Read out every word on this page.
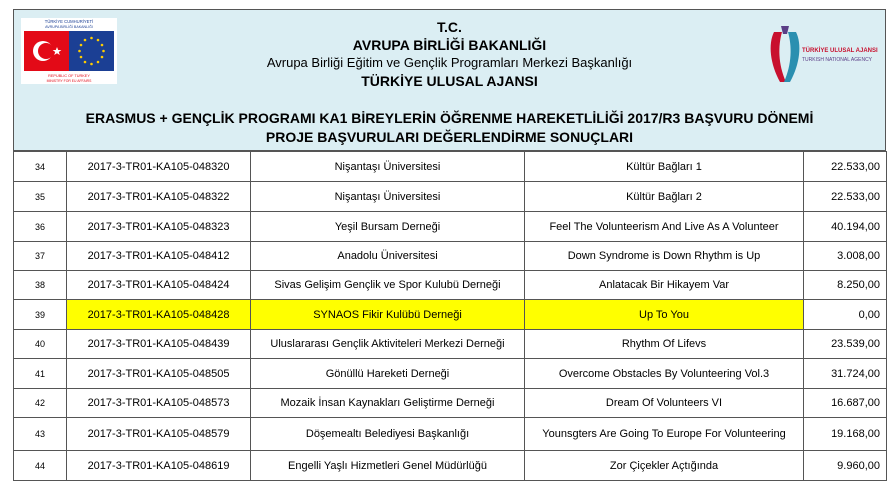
TÜRKİYE CUMHURİYETİ
AVRUPA BİRLİĞİ BAKANLIĞI
REPUBLIC OF TURKEY
MINISTRY FOR EU AFFAIRS
T.C.
AVRUPA BİRLİĞİ BAKANLIĞI
Avrupa Birliği Eğitim ve Gençlik Programları Merkezi Başkanlığı
TÜRKİYE ULUSAL AJANSI
TÜRKİYE ULUSAL AJANSI
TURKISH NATIONAL AGENCY
ERASMUS + GENÇLİK PROGRAMI KA1 BİREYLERİN ÖĞRENME HAREKETLİLİĞİ 2017/R3 BAŞVURU DÖNEMİ
PROJE BAŞVURULARI DEĞERLENDİRME SONUÇLARI
34	2017-3-TR01-KA105-048320	Nişantaşı Üniversitesi	Kültür Bağları 1	22.533,00
35	2017-3-TR01-KA105-048322	Nişantaşı Üniversitesi	Kültür Bağları 2	22.533,00
36	2017-3-TR01-KA105-048323	Yeşil Bursam Derneği	Feel The Volunteerism And Live As A Volunteer	40.194,00
37	2017-3-TR01-KA105-048412	Anadolu Üniversitesi	Down Syndrome is Down Rhythm is Up	3.008,00
38	2017-3-TR01-KA105-048424	Sivas Gelişim Gençlik ve Spor Kulubü Derneği	Anlatacak Bir Hikayem Var	8.250,00
39	2017-3-TR01-KA105-048428	SYNAOS Fikir Kulübü Derneği	Up To You	0,00
40	2017-3-TR01-KA105-048439	Uluslararası Gençlik Aktiviteleri Merkezi Derneği	Rhythm Of Lifevs	23.539,00
41	2017-3-TR01-KA105-048505	Gönüllü Hareketi Derneği	Overcome Obstacles By Volunteering Vol.3	31.724,00
42	2017-3-TR01-KA105-048573	Mozaik İnsan Kaynakları Geliştirme Derneği	Dream Of Volunteers VI	16.687,00
43	2017-3-TR01-KA105-048579	Döşemealtı Belediyesi Başkanlığı	Younsgters Are Going To Europe For Volunteering	19.168,00
44	2017-3-TR01-KA105-048619	Engelli Yaşlı Hizmetleri Genel Müdürlüğü	Zor Çiçekler Açtığında	9.960,00
